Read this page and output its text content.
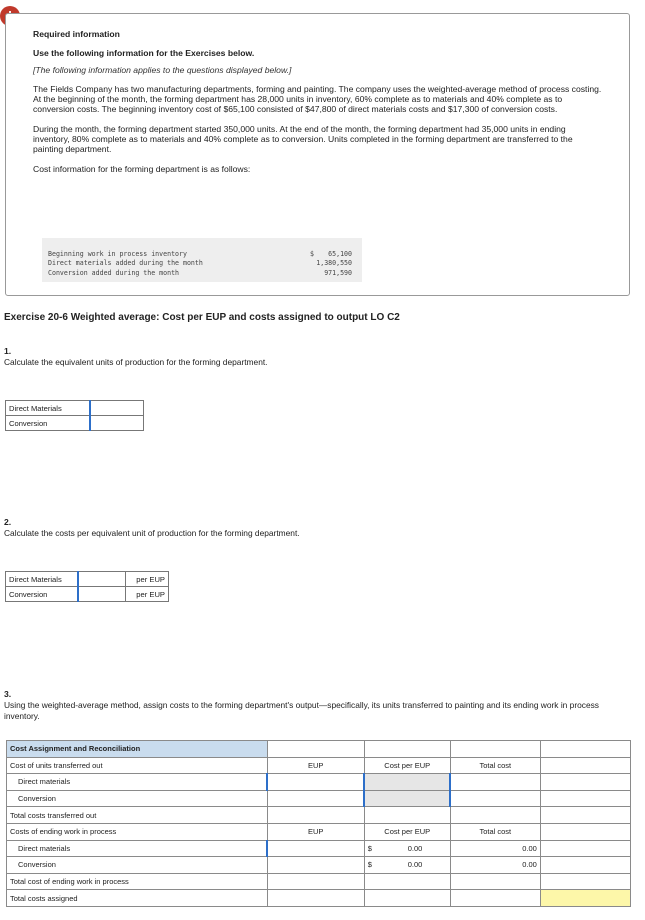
Required information
Use the following information for the Exercises below.
[The following information applies to the questions displayed below.]
The Fields Company has two manufacturing departments, forming and painting. The company uses the weighted-average method of process costing. At the beginning of the month, the forming department has 28,000 units in inventory, 60% complete as to materials and 40% complete as to conversion costs. The beginning inventory cost of $65,100 consisted of $47,800 of direct materials costs and $17,300 of conversion costs.
During the month, the forming department started 350,000 units. At the end of the month, the forming department had 35,000 units in ending inventory, 80% complete as to materials and 40% complete as to conversion. Units completed in the forming department are transferred to the painting department.
Cost information for the forming department is as follows:
Beginning work in process inventory	$ 65,100
Direct materials added during the month	1,380,550
Conversion added during the month	971,590
Exercise 20-6 Weighted average: Cost per EUP and costs assigned to output LO C2
1.
Calculate the equivalent units of production for the forming department.
Direct Materials	
Conversion	
2.
Calculate the costs per equivalent unit of production for the forming department.
Direct Materials		per EUP
Conversion		per EUP
3.
Using the weighted-average method, assign costs to the forming department's output—specifically, its units transferred to painting and its ending work in process inventory.
Cost Assignment and Reconciliation				
Cost of units transferred out	EUP	Cost per EUP	Total cost	
Direct materials				
Conversion				
Total costs transferred out				
Costs of ending work in process	EUP	Cost per EUP	Total cost	
Direct materials		$ 0.00	0.00	
Conversion		$ 0.00	0.00	
Total cost of ending work in process				
Total costs assigned				
